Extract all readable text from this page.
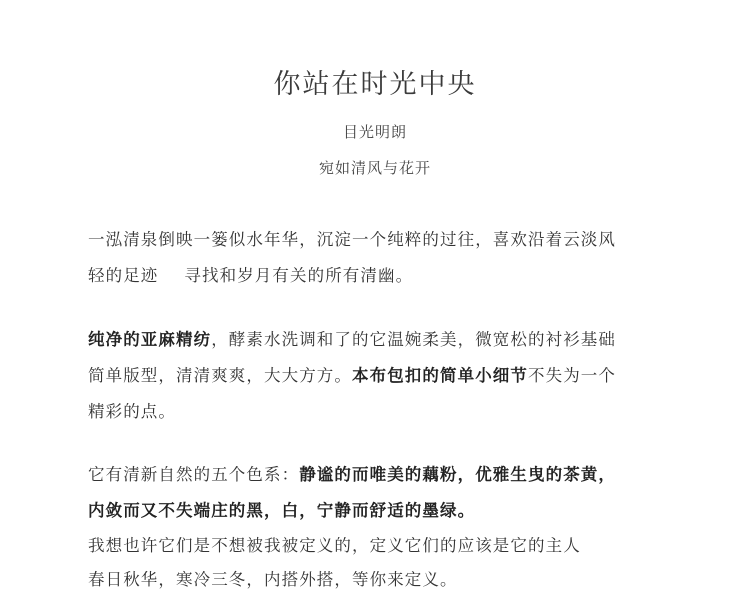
你站在时光中央

目光明朗

宛如清风与花开

一泓清泉倒映一篓似水年华，沉淀一个纯粹的过往，喜欢沿着云淡风
轻的足迹 寻找和岁月有关的所有清幽。

纯净的亚麻精纺，酵素水洗调和了的它温婉柔美，微宽松的衬衫基础
简单版型，清清爽爽，大大方方。本布包扣的简单小细节不失为一个
精彩的点。

它有清新自然的五个色系：静谧的而唯美的藕粉，优雅生曳的茶黄，
内敛而又不失端庄的黑，白，宁静而舒适的墨绿。
我想也许它们是不想被我被定义的，定义它们的应该是它的主人
春日秋华，寒冷三冬，内搭外搭，等你来定义。
